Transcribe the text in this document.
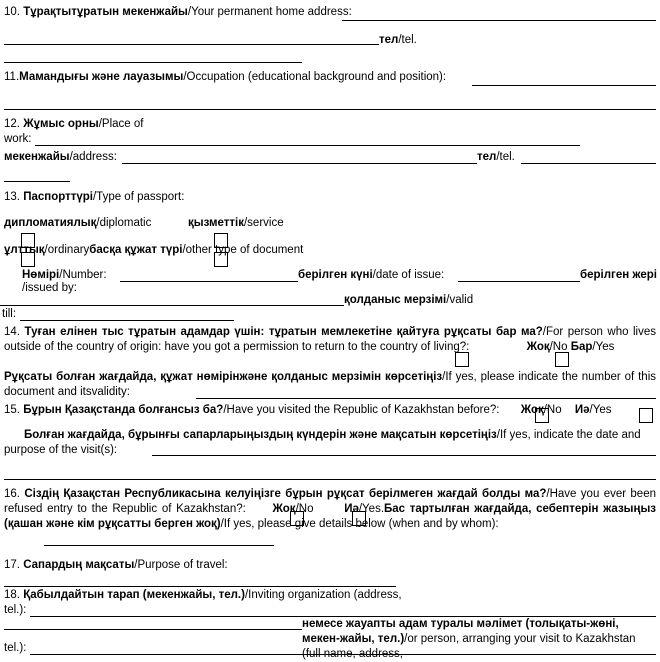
10. Тұрақтытұратын мекенжайы/Your permanent home address:
тел/tel.
11.Мамандығы және лауазымы/Occupation (educational background and position):
12. Жұмыс орны/Place of
work:
мекенжайы/address:	тел/tel.
13. Паспорттүрі/Type of passport:
дипломатиялық/diplomatic	қызметтік/service
ұлттық/ordinaryбасқа құжат түрі/other type of document
Нөмірі/Number:	берілген күні/date of issue:	берілген жері
/issued by:
қолданыс мерзімі/valid
till:
14. Туған елінен тыс тұратын адамдар үшін: тұратын мемлекетіне қайтуға рұқсаты бар ма?/For person who lives outside of the country of origin: have you got a permission to return to the country of living?:	Жоқ/No Бар/Yes
Рұқсаты болған жағдайда, құжат нөмірінжәне қолданыс мерзімін көрсетіңіз/If yes, please indicate the number of this document and itsvalidity:
15. Бұрын Қазақстанда болғансыз ба?/Have you visited the Republic of Kazakhstan before?: Жоқ/No Иә/Yes
Болған жағдайда, бұрынғы сапарларыңыздың күндерін және мақсатын көрсетіңіз/If yes, indicate the date and purpose of the visit(s):
16. Сіздің Қазақстан Республикасына келуіңізге бұрын рұқсат берілмеген жағдай болды ма?/Have you ever been refused entry to the Republic of Kazakhstan?: Жоқ/No	Иә/Yes.Бас тартылған жағдайда, себептерін жазыңыз (қашан және кім рұқсатты берген жоқ)/If yes, please give details below (when and by whom):
17. Сапардың мақсаты/Purpose of travel:
18. Қабылдайтын тарап (мекенжайы, тел.)/Inviting organization (address,
tel.):
немесе жауапты адам туралы мәлімет (толықаты-жөні, мекен-жайы, тел.)/or person, arranging your visit to Kazakhstan (full name, address,
tel.):
